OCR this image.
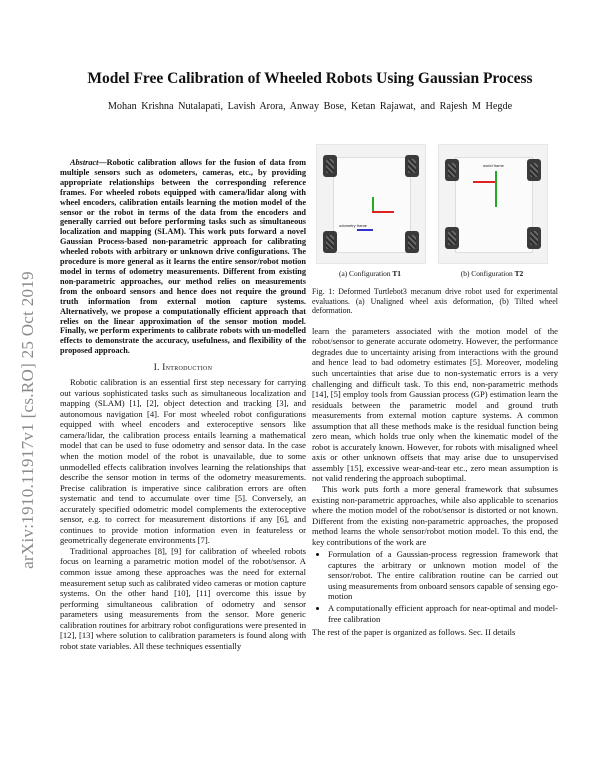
arXiv:1910.11917v1 [cs.RO] 25 Oct 2019
Model Free Calibration of Wheeled Robots Using Gaussian Process
Mohan Krishna Nutalapati, Lavish Arora, Anway Bose, Ketan Rajawat, and Rajesh M Hegde

Abstract—Robotic calibration allows for the fusion of data from multiple sensors such as odometers, cameras, etc., by providing appropriate relationships between the corresponding reference frames. For wheeled robots equipped with camera/lidar along with wheel encoders, calibration entails learning the motion model of the sensor or the robot in terms of the data from the encoders and generally carried out before performing tasks such as simultaneous localization and mapping (SLAM). This work puts forward a novel Gaussian Process-based non-parametric approach for calibrating wheeled robots with arbitrary or unknown drive configurations. The procedure is more general as it learns the entire sensor/robot motion model in terms of odometry measurements. Different from existing non-parametric approaches, our method relies on measurements from the onboard sensors and hence does not require the ground truth information from external motion capture systems. Alternatively, we propose a computationally efficient approach that relies on the linear approximation of the sensor motion model. Finally, we perform experiments to calibrate robots with un-modelled effects to demonstrate the accuracy, usefulness, and flexibility of the proposed approach.

I. Introduction

Robotic calibration is an essential first step necessary for carrying out various sophisticated tasks such as simultaneous localization and mapping (SLAM) [1], [2], object detection and tracking [3], and autonomous navigation [4]. For most wheeled robot configurations equipped with wheel encoders and exteroceptive sensors like camera/lidar, the calibration process entails learning a mathematical model that can be used to fuse odometry and sensor data. In the case when the motion model of the robot is unavailable, due to some unmodelled effects calibration involves learning the relationships that describe the sensor motion in terms of the odometry measurements. Precise calibration is imperative since calibration errors are often systematic and tend to accumulate over time [5]. Conversely, an accurately specified odometric model complements the exteroceptive sensor, e.g. to correct for measurement distortions if any [6], and continues to provide motion information even in featureless or geometrically degenerate environments [7].

Traditional approaches [8], [9] for calibration of wheeled robots focus on learning a parametric motion model of the robot/sensor. A common issue among these approaches was the need for external measurement setup such as calibrated video cameras or motion capture systems. On the other hand [10], [11] overcome this issue by performing simultaneous calibration of odometry and sensor parameters using measurements from the sensor. More generic calibration routines for arbitrary robot configurations were presented in [12], [13] where solution to calibration parameters is found along with robot state variables. All these techniques essentially

odometry frame
world frame
(a) Configuration T1	(b) Configuration T2

Fig. 1: Deformed Turtlebot3 mecanum drive robot used for experimental evaluations. (a) Unaligned wheel axis deformation, (b) Tilted wheel deformation.

learn the parameters associated with the motion model of the robot/sensor to generate accurate odometry. However, the performance degrades due to uncertainty arising from interactions with the ground and hence lead to bad odometry estimates [5]. Moreover, modeling such uncertainties that arise due to non-systematic errors is a very challenging and difficult task. To this end, non-parametric methods [14], [5] employ tools from Gaussian process (GP) estimation learn the residuals between the parametric model and ground truth measurements from external motion capture systems. A common assumption that all these methods make is the residual function being zero mean, which holds true only when the kinematic model of the robot is accurately known. However, for robots with misaligned wheel axis or other unknown offsets that may arise due to unsupervised assembly [15], excessive wear-and-tear etc., zero mean assumption is not valid rendering the approach suboptimal.

This work puts forth a more general framework that subsumes existing non-parametric approaches, while also applicable to scenarios where the motion model of the robot/sensor is distorted or not known. Different from the existing non-parametric approaches, the proposed method learns the whole sensor/robot motion model. To this end, the key contributions of the work are

• Formulation of a Gaussian-process regression framework that captures the arbitrary or unknown motion model of the sensor/robot. The entire calibration routine can be carried out using measurements from onboard sensors capable of sensing ego-motion
• A computationally efficient approach for near-optimal and model-free calibration

The rest of the paper is organized as follows. Sec. II details
